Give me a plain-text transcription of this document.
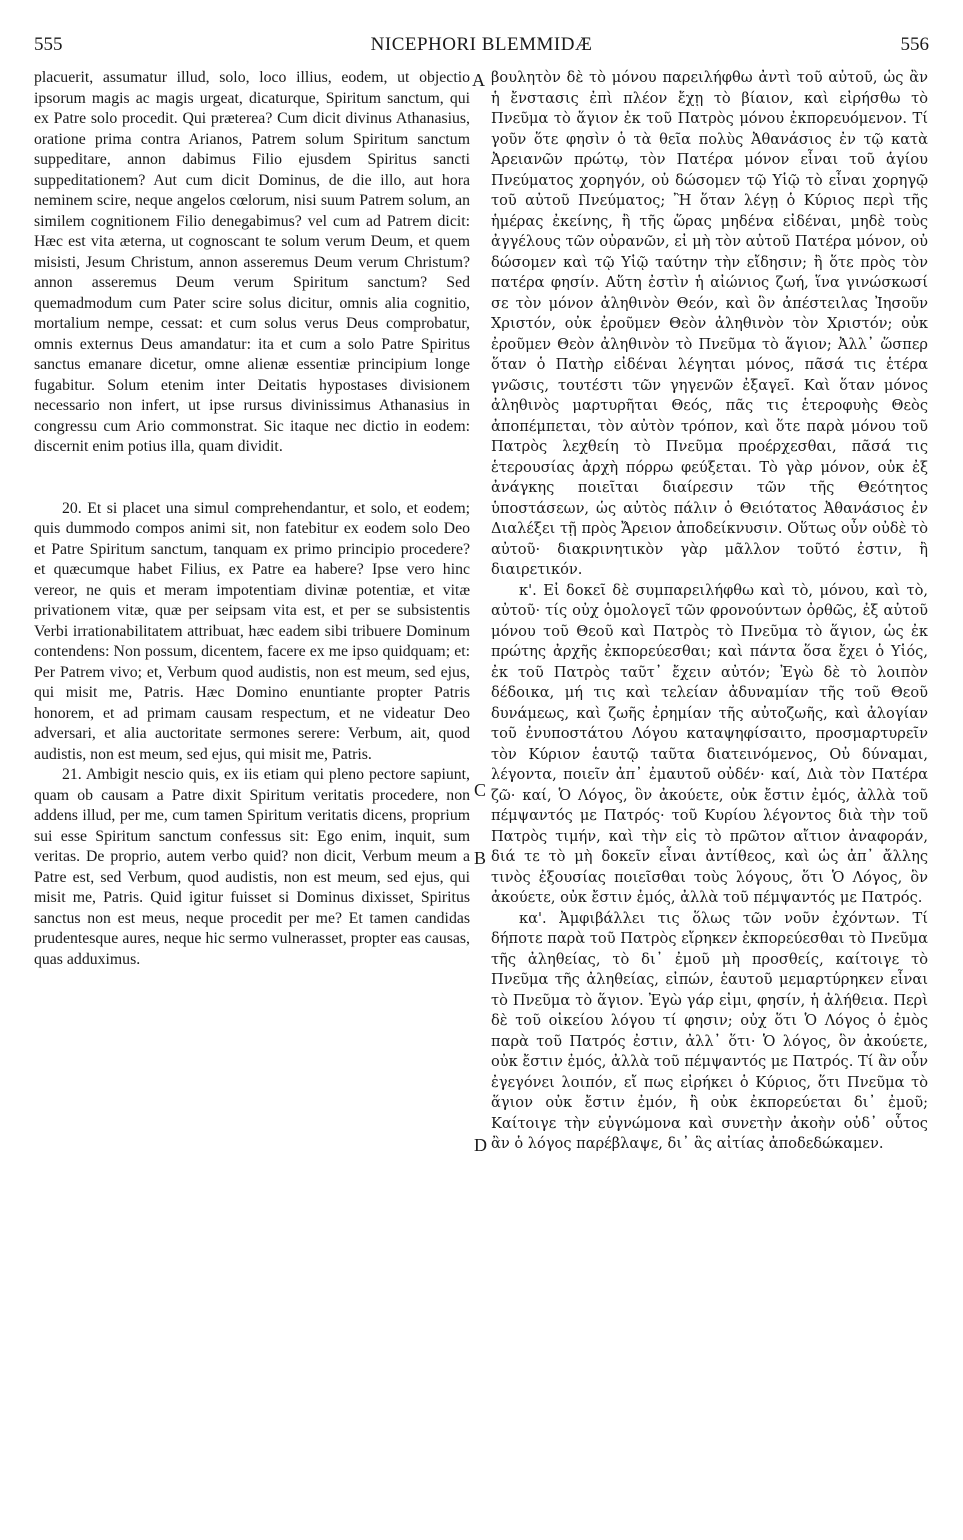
555	NICEPHORI BLEMMIDÆ	556
A
B
C
D

placuerit, assumatur illud, solo, loco illius, eodem, ut objectio ipsorum magis ac magis urgeat, dicaturque, Spiritum sanctum, qui ex Patre solo procedit. Qui præterea? Cum dicit divinus Athanasius, oratione prima contra Arianos, Patrem solum Spiritum sanctum suppeditare, annon dabimus Filio ejusdem Spiritus sancti suppeditationem? Aut cum dicit Dominus, de die illo, aut hora neminem scire, neque angelos cœlorum, nisi suum Patrem solum, an similem cognitionem Filio denegabimus? vel cum ad Patrem dicit: Hæc est vita æterna, ut cognoscant te solum verum Deum, et quem misisti, Jesum Christum, annon asseremus Deum verum Christum? annon asseremus Deum verum Spiritum sanctum? Sed quemadmodum cum Pater scire solus dicitur, omnis alia cognitio, mortalium nempe, cessat: et cum solus verus Deus comprobatur, omnis externus Deus amandatur: ita et cum a solo Patre Spiritus sanctus emanare dicetur, omne alienæ essentiæ principium longe fugabitur. Solum etenim inter Deitatis hypostases divisionem necessario non infert, ut ipse rursus divinissimus Athanasius in congressu cum Ario commonstrat. Sic itaque nec dictio in eodem: discernit enim potius illa, quam dividit.

20. Et si placet una simul comprehendantur, et solo, et eodem; quis dummodo compos animi sit, non fatebitur ex eodem solo Deo et Patre Spiritum sanctum, tanquam ex primo principio procedere? et quæcumque habet Filius, ex Patre ea habere? Ipse vero hinc vereor, ne quis et meram impotentiam divinæ potentiæ, et vitæ privationem vitæ, quæ per seipsam vita est, et per se subsistentis Verbi irrationabilitatem attribuat, hæc eadem sibi tribuere Dominum contendens: Non possum, dicentem, facere ex me ipso quidquam; et: Per Patrem vivo; et, Verbum quod audistis, non est meum, sed ejus, qui misit me, Patris. Hæc Domino enuntiante propter Patris honorem, et ad primam causam respectum, et ne videatur Deo adversari, et alia auctoritate sermones serere: Verbum, ait, quod audistis, non est meum, sed ejus, qui misit me, Patris.

21. Ambigit nescio quis, ex iis etiam qui pleno pectore sapiunt, quam ob causam a Patre dixit Spiritum veritatis procedere, non addens illud, per me, cum tamen Spiritum veritatis dicens, proprium sui esse Spiritum sanctum confessus sit: Ego enim, inquit, sum veritas. De proprio, autem verbo quid? non dicit, Verbum meum a Patre est, sed Verbum, quod audistis, non est meum, sed ejus, qui misit me, Patris. Quid igitur fuisset si Dominus dixisset, Spiritus sanctus non est meus, neque procedit per me? Et tamen candidas prudentesque aures, neque hic sermo vulnerasset, propter eas causas, quas adduximus.

βουλητὸν δὲ τὸ μόνου παρειλήφθω ἀντὶ τοῦ αὐτοῦ, ὡς ἂν ἡ ἔνστασις ἐπὶ πλέον ἔχῃ τὸ βίαιον, καὶ εἰρήσθω τὸ Πνεῦμα τὸ ἅγιον ἐκ τοῦ Πατρὸς μόνου ἐκπορευόμενον. Τί γοῦν ὅτε φησὶν ὁ τὰ θεῖα πολὺς Ἀθανάσιος ἐν τῷ κατὰ Ἀρειανῶν πρώτῳ, τὸν Πατέρα μόνον εἶναι τοῦ ἁγίου Πνεύματος χορηγόν, οὐ δώσομεν τῷ Υἱῷ τὸ εἶναι χορηγῷ τοῦ αὐτοῦ Πνεύματος; Ἢ ὅταν λέγῃ ὁ Κύριος περὶ τῆς ἡμέρας ἐκείνης, ἢ τῆς ὥρας μηδένα εἰδέναι, μηδὲ τοὺς ἀγγέλους τῶν οὐρανῶν, εἰ μὴ τὸν αὐτοῦ Πατέρα μόνον, οὐ δώσομεν καὶ τῷ Υἱῷ ταύτην τὴν εἴδησιν; ἢ ὅτε πρὸς τὸν πατέρα φησίν. Αὕτη ἐστὶν ἡ αἰώνιος ζωή, ἵνα γινώσκωσί σε τὸν μόνον ἀληθινὸν Θεόν, καὶ ὃν ἀπέστειλας Ἰησοῦν Χριστόν, οὐκ ἐροῦμεν Θεὸν ἀληθινὸν τὸν Χριστόν; οὐκ ἐροῦμεν Θεὸν ἀληθινὸν τὸ Πνεῦμα τὸ ἅγιον; Ἀλλ᾽ ὥσπερ ὅταν ὁ Πατὴρ εἰδέναι λέγηται μόνος, πᾶσά τις ἑτέρα γνῶσις, τουτέστι τῶν γηγενῶν ἐξαγεῖ. Καὶ ὅταν μόνος ἀληθινὸς μαρτυρῆται Θεός, πᾶς τις ἑτεροφυὴς Θεὸς ἀποπέμπεται, τὸν αὐτὸν τρόπον, καὶ ὅτε παρὰ μόνου τοῦ Πατρὸς λεχθείη τὸ Πνεῦμα προέρχεσθαι, πᾶσά τις ἑτερουσίας ἀρχὴ πόρρω φεύξεται. Τὸ γὰρ μόνον, οὐκ ἐξ ἀνάγκης ποιεῖται διαίρεσιν τῶν τῆς Θεότητος ὑποστάσεων, ὡς αὐτὸς πάλιν ὁ Θειότατος Ἀθανάσιος ἐν Διαλέξει τῇ πρὸς Ἄρειον ἀποδείκνυσιν. Οὕτως οὖν οὐδὲ τὸ αὐτοῦ· διακρινητικὸν γὰρ μᾶλλον τοῦτό ἐστιν, ἢ διαιρετικόν.

κ'. Εἰ δοκεῖ δὲ συμπαρειλήφθω καὶ τὸ, μόνου, καὶ τὸ, αὐτοῦ· τίς οὐχ ὁμολογεῖ τῶν φρονούντων ὀρθῶς, ἐξ αὐτοῦ μόνου τοῦ Θεοῦ καὶ Πατρὸς τὸ Πνεῦμα τὸ ἅγιον, ὡς ἐκ πρώτης ἀρχῆς ἐκπορεύεσθαι; καὶ πάντα ὅσα ἔχει ὁ Υἱός, ἐκ τοῦ Πατρὸς ταῦτ᾽ ἔχειν αὐτόν; Ἐγὼ δὲ τὸ λοιπὸν δέδοικα, μή τις καὶ τελείαν ἀδυναμίαν τῆς τοῦ Θεοῦ δυνάμεως, καὶ ζωῆς ἐρημίαν τῆς αὐτοζωῆς, καὶ ἀλογίαν τοῦ ἐνυποστάτου Λόγου καταψηφίσαιτο, προσμαρτυρεῖν τὸν Κύριον ἑαυτῷ ταῦτα διατεινόμενος, Οὐ δύναμαι, λέγοντα, ποιεῖν ἀπ᾽ ἐμαυτοῦ οὐδέν· καί, Διὰ τὸν Πατέρα ζῶ· καί, Ὁ Λόγος, ὃν ἀκούετε, οὐκ ἔστιν ἐμός, ἀλλὰ τοῦ πέμψαντός με Πατρός· τοῦ Κυρίου λέγοντος διὰ τὴν τοῦ Πατρὸς τιμήν, καὶ τὴν εἰς τὸ πρῶτον αἴτιον ἀναφοράν, διά τε τὸ μὴ δοκεῖν εἶναι ἀντίθεος, καὶ ὡς ἀπ᾽ ἄλλης τινὸς ἐξουσίας ποιεῖσθαι τοὺς λόγους, ὅτι Ὁ Λόγος, ὃν ἀκούετε, οὐκ ἔστιν ἐμός, ἀλλὰ τοῦ πέμψαντός με Πατρός.

κα'. Ἀμφιβάλλει τις ὅλως τῶν νοῦν ἐχόντων. Τί δήποτε παρὰ τοῦ Πατρὸς εἴρηκεν ἐκπορεύεσθαι τὸ Πνεῦμα τῆς ἀληθείας, τὸ δι᾽ ἐμοῦ μὴ προσθείς, καίτοιγε τὸ Πνεῦμα τῆς ἀληθείας, εἰπών, ἑαυτοῦ μεμαρτύρηκεν εἶναι τὸ Πνεῦμα τὸ ἅγιον. Ἐγὼ γάρ εἰμι, φησίν, ἡ ἀλήθεια. Περὶ δὲ τοῦ οἰκείου λόγου τί φησιν; οὐχ ὅτι Ὁ Λόγος ὁ ἐμὸς παρὰ τοῦ Πατρός ἐστιν, ἀλλ᾽ ὅτι· Ὁ λόγος, ὃν ἀκούετε, οὐκ ἔστιν ἐμός, ἀλλὰ τοῦ πέμψαντός με Πατρός. Τί ἂν οὖν ἐγεγόνει λοιπόν, εἴ πως εἰρήκει ὁ Κύριος, ὅτι Πνεῦμα τὸ ἅγιον οὐκ ἔστιν ἐμόν, ἢ οὐκ ἐκπορεύεται δι᾽ ἐμοῦ; Καίτοιγε τὴν εὐγνώμονα καὶ συνετὴν ἀκοὴν οὐδ᾽ οὗτος ἂν ὁ λόγος παρέβλαψε, δι᾽ ἃς αἰτίας ἀποδεδώκαμεν.
